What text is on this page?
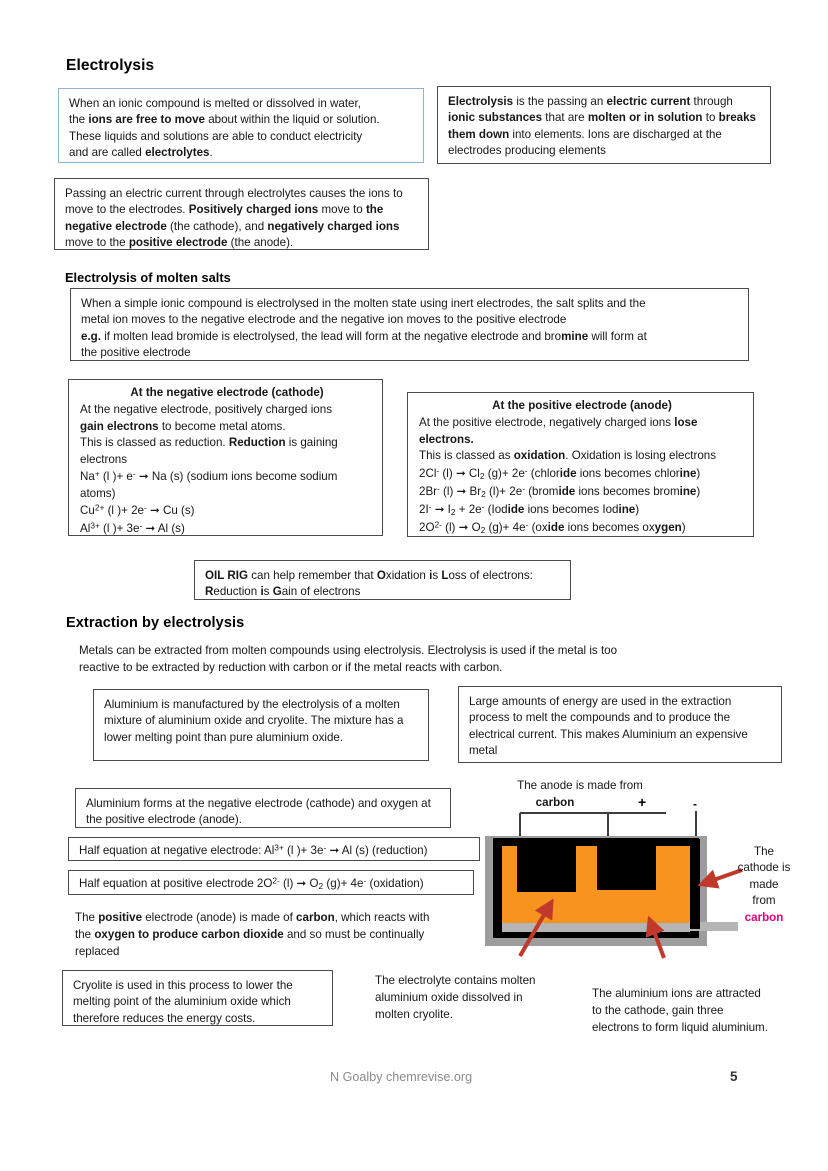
Electrolysis
When an ionic compound is melted or dissolved in water,
the ions are free to move about within the liquid or solution.
These liquids and solutions are able to conduct electricity
and are called electrolytes.
Electrolysis is the passing an electric current through ionic substances that are molten or in solution to breaks them down into elements. Ions are discharged at the electrodes producing elements
Passing an electric current through electrolytes causes the ions to move to the electrodes. Positively charged ions move to the negative electrode (the cathode), and negatively charged ions move to the positive electrode (the anode).
Electrolysis of molten salts
When a simple ionic compound is electrolysed in the molten state using inert electrodes, the salt splits and the
metal ion moves to the negative electrode and the negative ion moves to the positive electrode
e.g. if molten lead bromide is electrolysed, the lead will form at the negative electrode and bromine will form at
the positive electrode
At the negative electrode (cathode)
At the negative electrode, positively charged ions
gain electrons to become metal atoms.
This is classed as reduction. Reduction is gaining electrons
Na+ (l )+ e- ➞ Na (s) (sodium ions become sodium atoms)
$Cu^{2+}$ (l )+ 2e- ➞ Cu (s)
$Al^{3+}$ (l )+ 3e- ➞ Al (s)
At the positive electrode (anode)
At the positive electrode, negatively charged ions lose electrons.
This is classed as oxidation. Oxidation is losing electrons
2Cl- (l) ➞ $Cl_2$ (g)+ 2e- (chloride ions becomes chlorine)
2Br- (l) ➞ $Br_2$ (l)+ 2e- (bromide ions becomes bromine)
2I- ➞ $I_2 + 2e^-$ (Iodide ions becomes Iodine)
$2O^{2-}$ (l) ➞ $O_2$ (g)+ 4e- (oxide ions becomes oxygen)
OIL RIG can help remember that Oxidation is Loss of electrons:
Reduction is Gain of electrons
Extraction by electrolysis
Metals can be extracted from molten compounds using electrolysis. Electrolysis is used if the metal is too
reactive to be extracted by reduction with carbon or if the metal reacts with carbon.
Aluminium is manufactured by the electrolysis of a molten mixture of aluminium oxide and cryolite. The mixture has a lower melting point than pure aluminium oxide.
Large amounts of energy are used in the extraction process to melt the compounds and to produce the electrical current. This makes Aluminium an expensive metal
Aluminium forms at the negative electrode (cathode) and oxygen at the positive electrode (anode).
Half equation at negative electrode: $Al^{3+}$ (l )+ 3e- ➞ Al (s) (reduction)
Half equation at positive electrode $2O^{2-}$ (l) ➞ $O_2$ (g)+ 4e- (oxidation)
The positive electrode (anode) is made of carbon, which reacts with the oxygen to produce carbon dioxide and so must be continually replaced
Cryolite is used in this process to lower the melting point of the aluminium oxide which therefore reduces the energy costs.
The anode is made from
carbon	+	-
The
cathode is
made
from
carbon
The electrolyte contains molten aluminium oxide dissolved in molten cryolite.
The aluminium ions are attracted to the cathode, gain three electrons to form liquid aluminium.
N Goalby chemrevise.org	5
